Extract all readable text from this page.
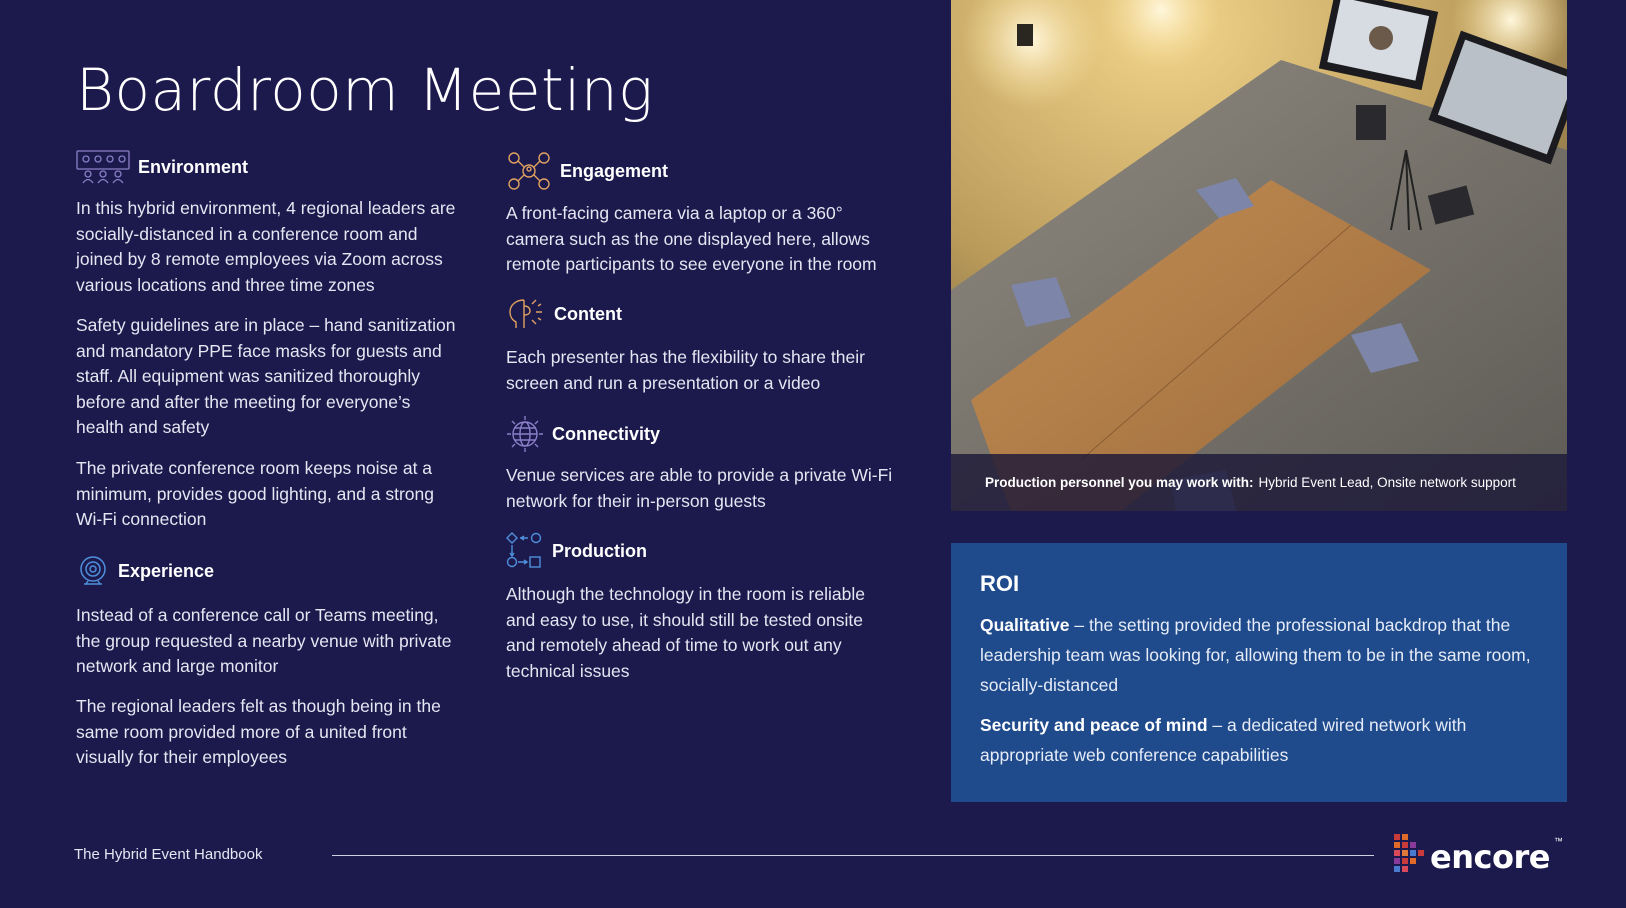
Boardroom Meeting
Environment

In this hybrid environment, 4 regional leaders are socially-distanced in a conference room and joined by 8 remote employees via Zoom across various locations and three time zones

Safety guidelines are in place – hand sanitization and mandatory PPE face masks for guests and staff. All equipment was sanitized thoroughly before and after the meeting for everyone’s health and safety

The private conference room keeps noise at a minimum, provides good lighting, and a strong Wi-Fi connection

Experience

Instead of a conference call or Teams meeting, the group requested a nearby venue with private network and large monitor

The regional leaders felt as though being in the same room provided more of a united front visually for their employees

Engagement

A front-facing camera via a laptop or a 360° camera such as the one displayed here, allows remote participants to see everyone in the room

Content

Each presenter has the flexibility to share their screen and run a presentation or a video

Connectivity

Venue services are able to provide a private Wi-Fi network for their in-person guests

Production

Although the technology in the room is reliable and easy to use, it should still be tested onsite and remotely ahead of time to work out any technical issues

Production personnel you may work with: Hybrid Event Lead, Onsite network support
ROI

Qualitative – the setting provided the professional backdrop that the leadership team was looking for, allowing them to be in the same room, socially-distanced

Security and peace of mind – a dedicated wired network with appropriate web conference capabilities

The Hybrid Event Handbook	encore ™
